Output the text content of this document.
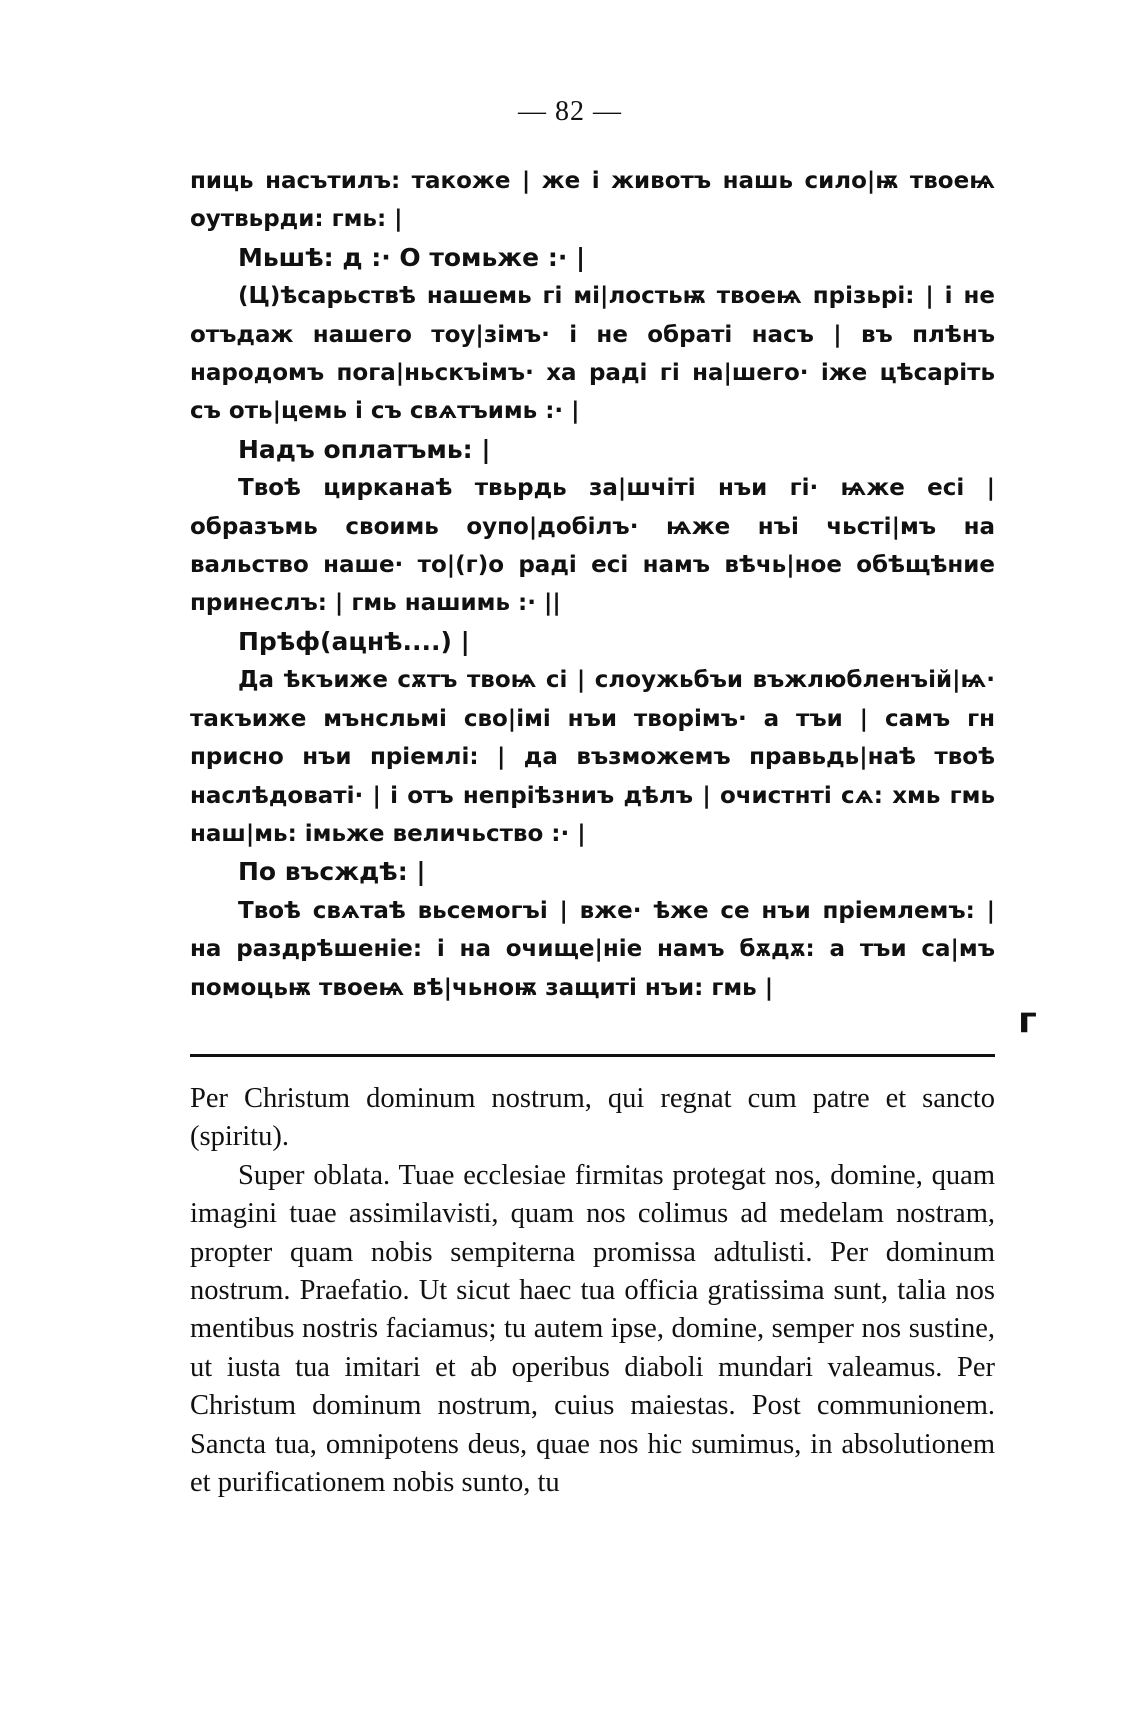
— 82 —

пиць насътилъ: такожe | же і животъ нашь сило|ѭ твоеѩ оутвьрди: гмь: |

Мьшѣ: д :· О томьже :· |

(Ц)ѣсарьствѣ нашемь гі мі|лостьѭ твоеѩ прізьрі: | і не отъдаж нашего тоу|зімъ· і не обраті насъ | въ плѣнъ народомъ пога|ньскъімъ· ха раді гі на|шего· іже цѣсаріть съ оть|цемь і съ свѧтъимь :· |

Надъ оплатъмь: |

Твоѣ цирканаѣ твьрдь за|шчіті нъи гі· ѩже есі | образъмь своимь оупо|добілъ· ѩже нъі чьсті|мъ на вальство наше· то|(г)о раді есі намъ вѣчь|ное обѣщѣние принеслъ: | гмь нашимь :· ||

Прѣф(ацнѣ....) |

Да ѣкъиже сѫтъ твоѩ сі | слоужьбъи въжлюбленъій|ѩ· такъиже мънсльмі сво|імі нъи творімъ· а тъи | самъ гн присно нъи пріемлі: | да възможемъ правьдь|наѣ твоѣ наслѣдоваті· | і отъ непріѣзниъ дѣлъ | очистнті сѧ: хмь гмь наш|мь: імьже величьство :· |

По въсждѣ: |

Твоѣ свѧтаѣ вьсемогъі | вже· ѣже се нъи пріемлемъ: | на раздрѣшеніе: і на очище|ніе намъ бѫдѫ: а тъи са|мъ помоцьѭ твоеѩ вѣ|чьноѭ защиті нъи: гмь |

г

Per Christum dominum nostrum, qui regnat cum patre et sancto (spiritu).

Super oblata. Tuae ecclesiae firmitas protegat nos, domine, quam imagini tuae assimilavisti, quam nos colimus ad medelam nostram, propter quam nobis sempiterna promissa adtulisti. Per dominum nostrum. Praefatio. Ut sicut haec tua officia gratissima sunt, talia nos mentibus nostris faciamus; tu autem ipse, domine, semper nos sustine, ut iusta tua imitari et ab operibus diaboli mundari valeamus. Per Christum dominum nostrum, cuius maiestas. Post communionem. Sancta tua, omnipotens deus, quae nos hic sumimus, in absolutionem et purificationem nobis sunto, tu
